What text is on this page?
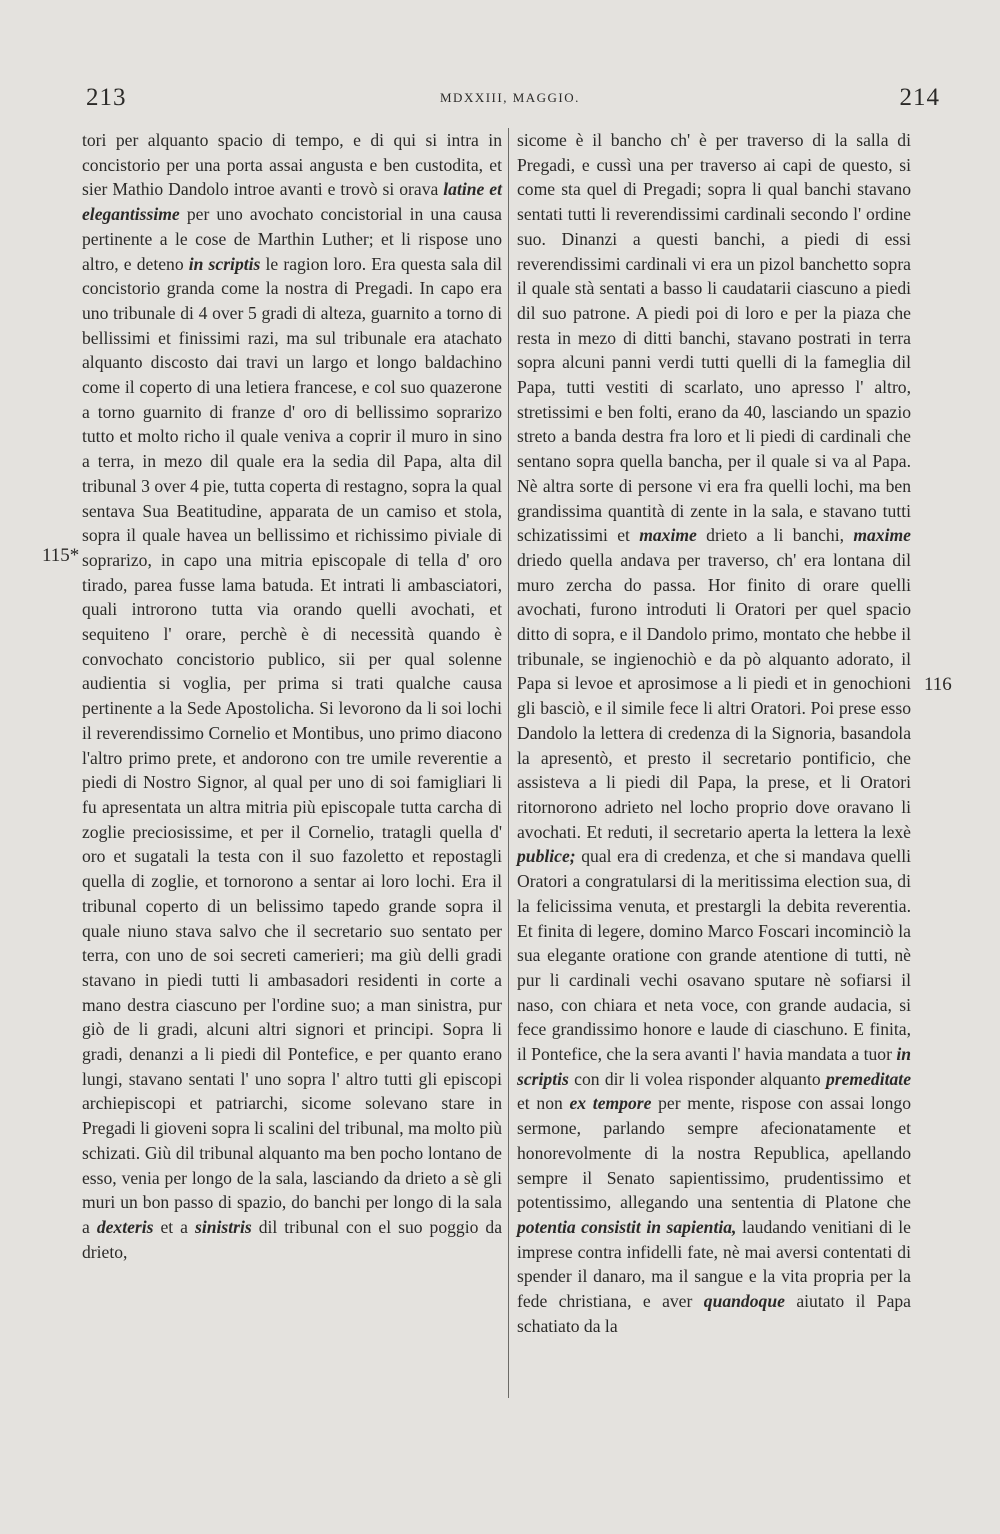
213	MDXXIII, MAGGIO.	214
115*
116

tori per alquanto spacio di tempo, e di qui si intra in concistorio per una porta assai angusta e ben custodita, et sier Mathio Dandolo introe avanti e trovò si orava latine et elegantissime per uno avochato concistorial in una causa pertinente a le cose de Marthin Luther; et li rispose uno altro, e deteno in scriptis le ragion loro. Era questa sala dil concistorio granda come la nostra di Pregadi. In capo era uno tribunale di 4 over 5 gradi di alteza, guarnito a torno di bellissimi et finissimi razi, ma sul tribunale era atachato alquanto discosto dai travi un largo et longo baldachino come il coperto di una letiera francese, e col suo quazerone a torno guarnito di franze d' oro di bellissimo soprarizo tutto et molto richo il quale veniva a coprir il muro in sino a terra, in mezo dil quale era la sedia dil Papa, alta dil tribunal 3 over 4 pie, tutta coperta di restagno, sopra la qual sentava Sua Beatitudine, apparata de un camiso et stola, sopra il quale havea un bellissimo et richissimo piviale di soprarizo, in capo una mitria episcopale di tella d' oro tirado, parea fusse lama batuda. Et intrati li ambasciatori, quali introrono tutta via orando quelli avochati, et sequiteno l' orare, perchè è di necessità quando è convochato concistorio publico, sii per qual solenne audientia si voglia, per prima si trati qualche causa pertinente a la Sede Apostolicha. Si levorono da li soi lochi il reverendissimo Cornelio et Montibus, uno primo diacono l'altro primo prete, et andorono con tre umile reverentie a piedi di Nostro Signor, al qual per uno di soi famigliari li fu apresentata un altra mitria più episcopale tutta carcha di zoglie preciosissime, et per il Cornelio, tratagli quella d' oro et sugatali la testa con il suo fazoletto et repostagli quella di zoglie, et tornorono a sentar ai loro lochi. Era il tribunal coperto di un belissimo tapedo grande sopra il quale niuno stava salvo che il secretario suo sentato per terra, con uno de soi secreti camerieri; ma giù delli gradi stavano in piedi tutti li ambasadori residenti in corte a mano destra ciascuno per l'ordine suo; a man sinistra, pur giò de li gradi, alcuni altri signori et principi. Sopra li gradi, denanzi a li piedi dil Pontefice, e per quanto erano lungi, stavano sentati l' uno sopra l' altro tutti gli episcopi archiepiscopi et patriarchi, sicome solevano stare in Pregadi li gioveni sopra li scalini del tribunal, ma molto più schizati. Giù dil tribunal alquanto ma ben pocho lontano de esso, venia per longo de la sala, lasciando da drieto a sè gli muri un bon passo di spazio, do banchi per longo di la sala a dexteris et a sinistris dil tribunal con el suo poggio da drieto,

sicome è il bancho ch' è per traverso di la salla di Pregadi, e cussì una per traverso ai capi de questo, si come sta quel di Pregadi; sopra li qual banchi stavano sentati tutti li reverendissimi cardinali secondo l' ordine suo. Dinanzi a questi banchi, a piedi di essi reverendissimi cardinali vi era un pizol banchetto sopra il quale stà sentati a basso li caudatarii ciascuno a piedi dil suo patrone. A piedi poi di loro e per la piaza che resta in mezo di ditti banchi, stavano postrati in terra sopra alcuni panni verdi tutti quelli di la fameglia dil Papa, tutti vestiti di scarlato, uno apresso l' altro, stretissimi e ben folti, erano da 40, lasciando un spazio streto a banda destra fra loro et li piedi di cardinali che sentano sopra quella bancha, per il quale si va al Papa. Nè altra sorte di persone vi era fra quelli lochi, ma ben grandissima quantità di zente in la sala, e stavano tutti schizatissimi et maxime drieto a li banchi, maxime driedo quella andava per traverso, ch' era lontana dil muro zercha do passa. Hor finito di orare quelli avochati, furono introduti li Oratori per quel spacio ditto di sopra, e il Dandolo primo, montato che hebbe il tribunale, se ingienochiò e da pò alquanto adorato, il Papa si levoe et aprosimose a li piedi et in genochioni gli basciò, e il simile fece li altri Oratori. Poi prese esso Dandolo la lettera di credenza di la Signoria, basandola la apresentò, et presto il secretario pontificio, che assisteva a li piedi dil Papa, la prese, et li Oratori ritornorono adrieto nel locho proprio dove oravano li avochati. Et reduti, il secretario aperta la lettera la lexè publice; qual era di credenza, et che si mandava quelli Oratori a congratularsi di la meritissima election sua, di la felicissima venuta, et prestargli la debita reverentia. Et finita di legere, domino Marco Foscari incominciò la sua elegante oratione con grande atentione di tutti, nè pur li cardinali vechi osavano sputare nè sofiarsi il naso, con chiara et neta voce, con grande audacia, si fece grandissimo honore e laude di ciaschuno. E finita, il Pontefice, che la sera avanti l' havia mandata a tuor in scriptis con dir li volea risponder alquanto premeditate et non ex tempore per mente, rispose con assai longo sermone, parlando sempre afecionatamente et honorevolmente di la nostra Republica, apellando sempre il Senato sapientissimo, prudentissimo et potentissimo, allegando una sententia di Platone che potentia consistit in sapientia, laudando venitiani di le imprese contra infidelli fate, nè mai aversi contentati di spender il danaro, ma il sangue e la vita propria per la fede christiana, e aver quandoque aiutato il Papa schatiato da la
